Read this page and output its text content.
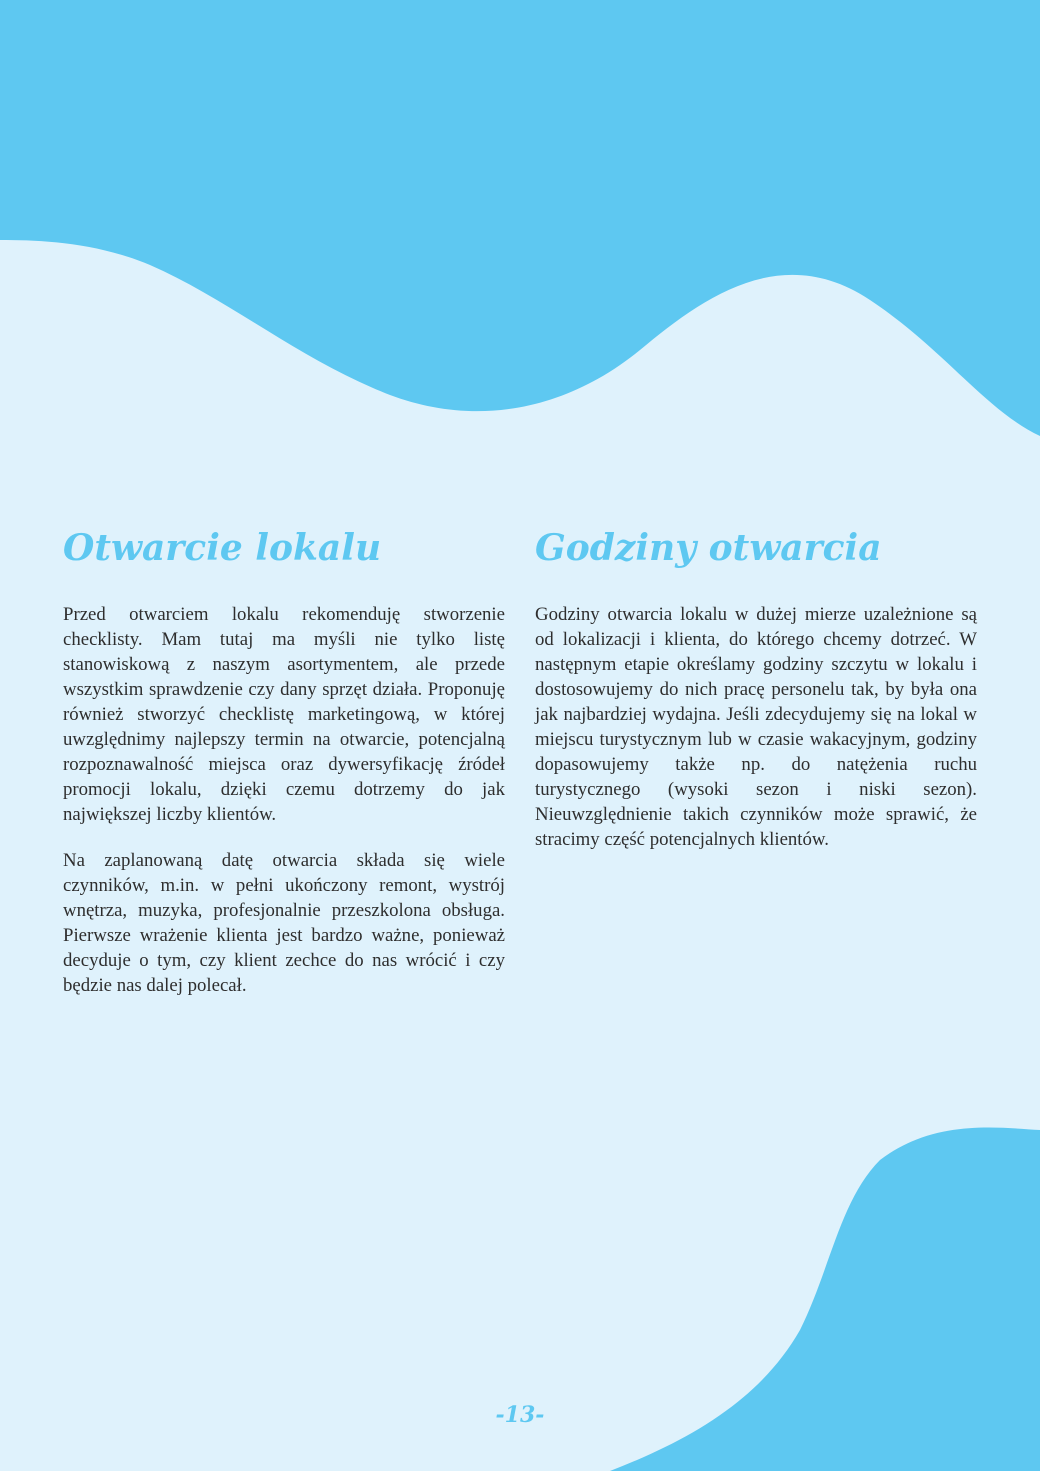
Otwarcie lokalu

Przed otwarciem lokalu rekomenduję stworzenie checklisty. Mam tutaj ma myśli nie tylko listę stanowiskową z naszym asortymentem, ale przede wszystkim sprawdzenie czy dany sprzęt działa. Proponuję również stworzyć checklistę marketingową, w której uwzględnimy najlepszy termin na otwarcie, potencjalną rozpoznawalność miejsca oraz dywersyfikację źródeł promocji lokalu, dzięki czemu dotrzemy do jak największej liczby klientów.

Na zaplanowaną datę otwarcia składa się wiele czynników, m.in. w pełni ukończony remont, wystrój wnętrza, muzyka, profesjonalnie przeszkolona obsługa. Pierwsze wrażenie klienta jest bardzo ważne, ponieważ decyduje o tym, czy klient zechce do nas wrócić i czy będzie nas dalej polecał.

Godziny otwarcia

Godziny otwarcia lokalu w dużej mierze uzależnione są od lokalizacji i klienta, do którego chcemy dotrzeć. W następnym etapie określamy godziny szczytu w lokalu i dostosowujemy do nich pracę personelu tak, by była ona jak najbardziej wydajna. Jeśli zdecydujemy się na lokal w miejscu turystycznym lub w czasie wakacyjnym, godziny dopasowujemy także np. do natężenia ruchu turystycznego (wysoki sezon i niski sezon). Nieuwzględnienie takich czynników może sprawić, że stracimy część potencjalnych klientów.

-13-
